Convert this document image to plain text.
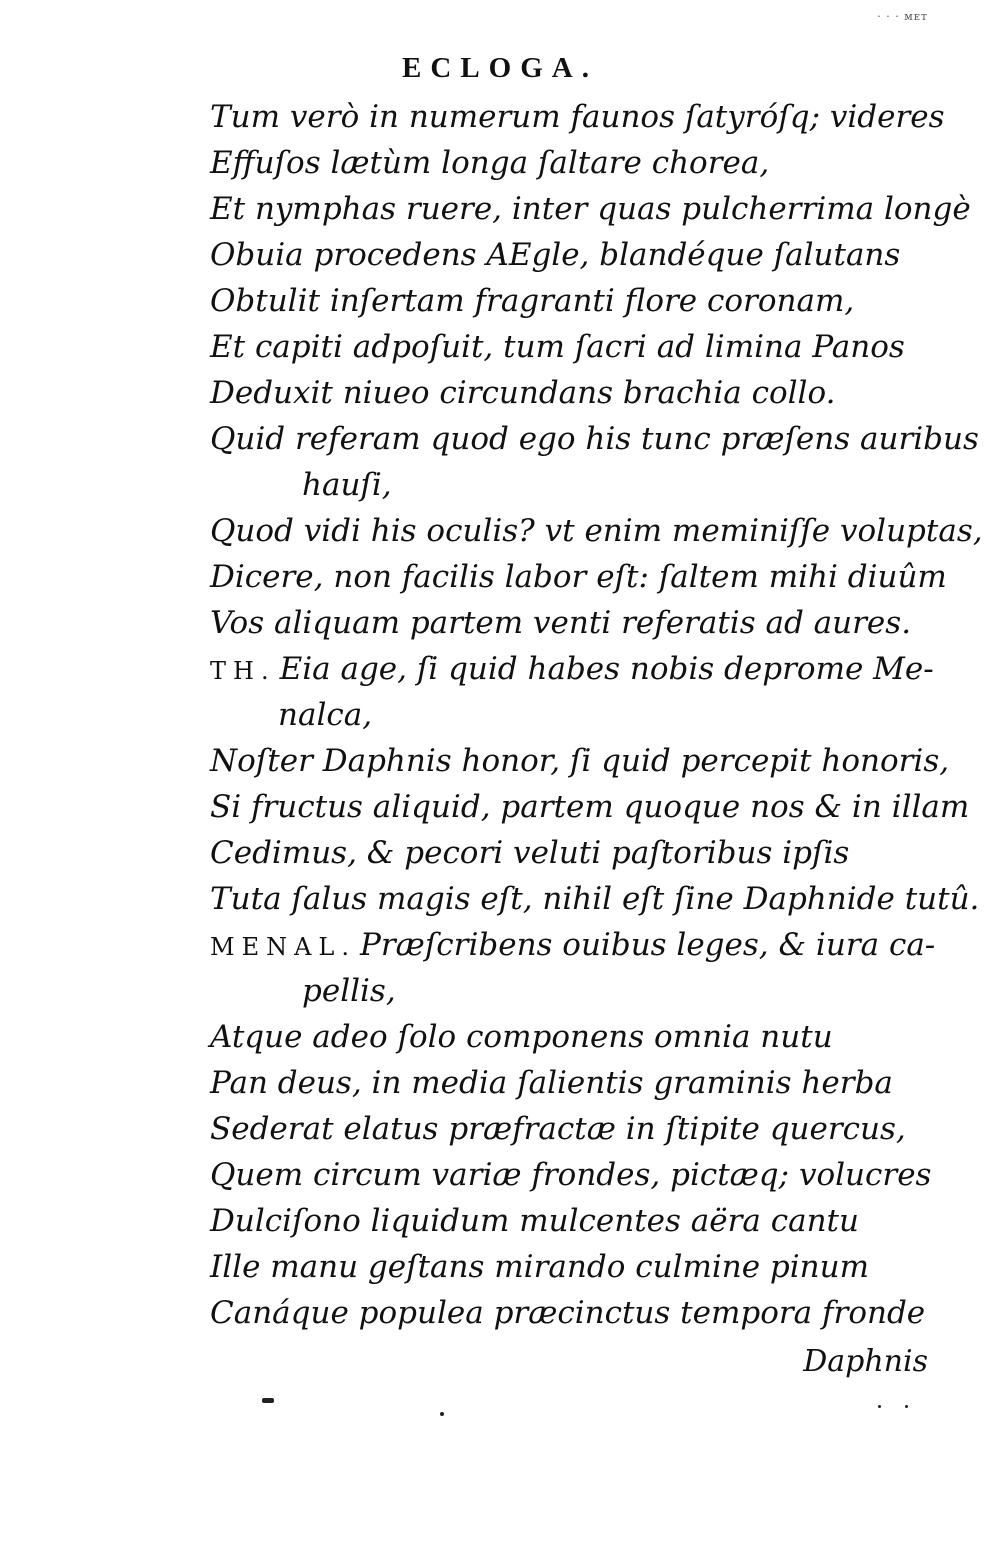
· · · ᴍᴇᴛ
ECLOGA.
Tum verò in numerum faunos ſatyróſq; videres
Effuſos lætùm longa ſaltare chorea,
Et nymphas ruere, inter quas pulcherrima longè
Obuia procedens AEgle, blandéque ſalutans
Obtulit inſertam fragranti flore coronam,
Et capiti adpoſuit, tum ſacri ad limina Panos
Deduxit niueo circundans brachia collo.
Quid referam quod ego his tunc præſens auribus
hauſi,
Quod vidi his oculis? vt enim meminiſſe voluptas,
Dicere, non facilis labor eſt: ſaltem mihi diuûm
Vos aliquam partem venti referatis ad aures.
TH. Eia age, ſi quid habes nobis deprome Me-
nalca,
Noſter Daphnis honor, ſi quid percepit honoris,
Si fructus aliquid, partem quoque nos & in illam
Cedimus, & pecori veluti paſtoribus ipſis
Tuta ſalus magis eſt, nihil eſt ſine Daphnide tutû.
MENAL. Præſcribens ouibus leges, & iura ca-
pellis,
Atque adeo ſolo componens omnia nutu
Pan deus, in media ſalientis graminis herba
Sederat elatus præfractæ in ſtipite quercus,
Quem circum variæ frondes, pictæq; volucres
Dulciſono liquidum mulcentes aëra cantu
Ille manu geſtans mirando culmine pinum
Canáque populea præcinctus tempora fronde
Daphnis
